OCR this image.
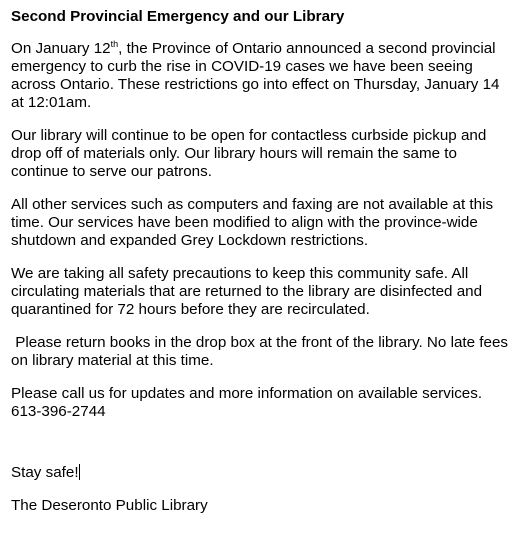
Second Provincial Emergency and our Library

On January 12th, the Province of Ontario announced a second provincial emergency to curb the rise in COVID-19 cases we have been seeing across Ontario. These restrictions go into effect on Thursday, January 14 at 12:01am.

Our library will continue to be open for contactless curbside pickup and drop off of materials only. Our library hours will remain the same to continue to serve our patrons.

All other services such as computers and faxing are not available at this time. Our services have been modified to align with the province-wide shutdown and expanded Grey Lockdown restrictions.

We are taking all safety precautions to keep this community safe. All circulating materials that are returned to the library are disinfected and quarantined for 72 hours before they are recirculated.

Please return books in the drop box at the front of the library. No late fees on library material at this time.

Please call us for updates and more information on available services.
613-396-2744

Stay safe!

The Deseronto Public Library
